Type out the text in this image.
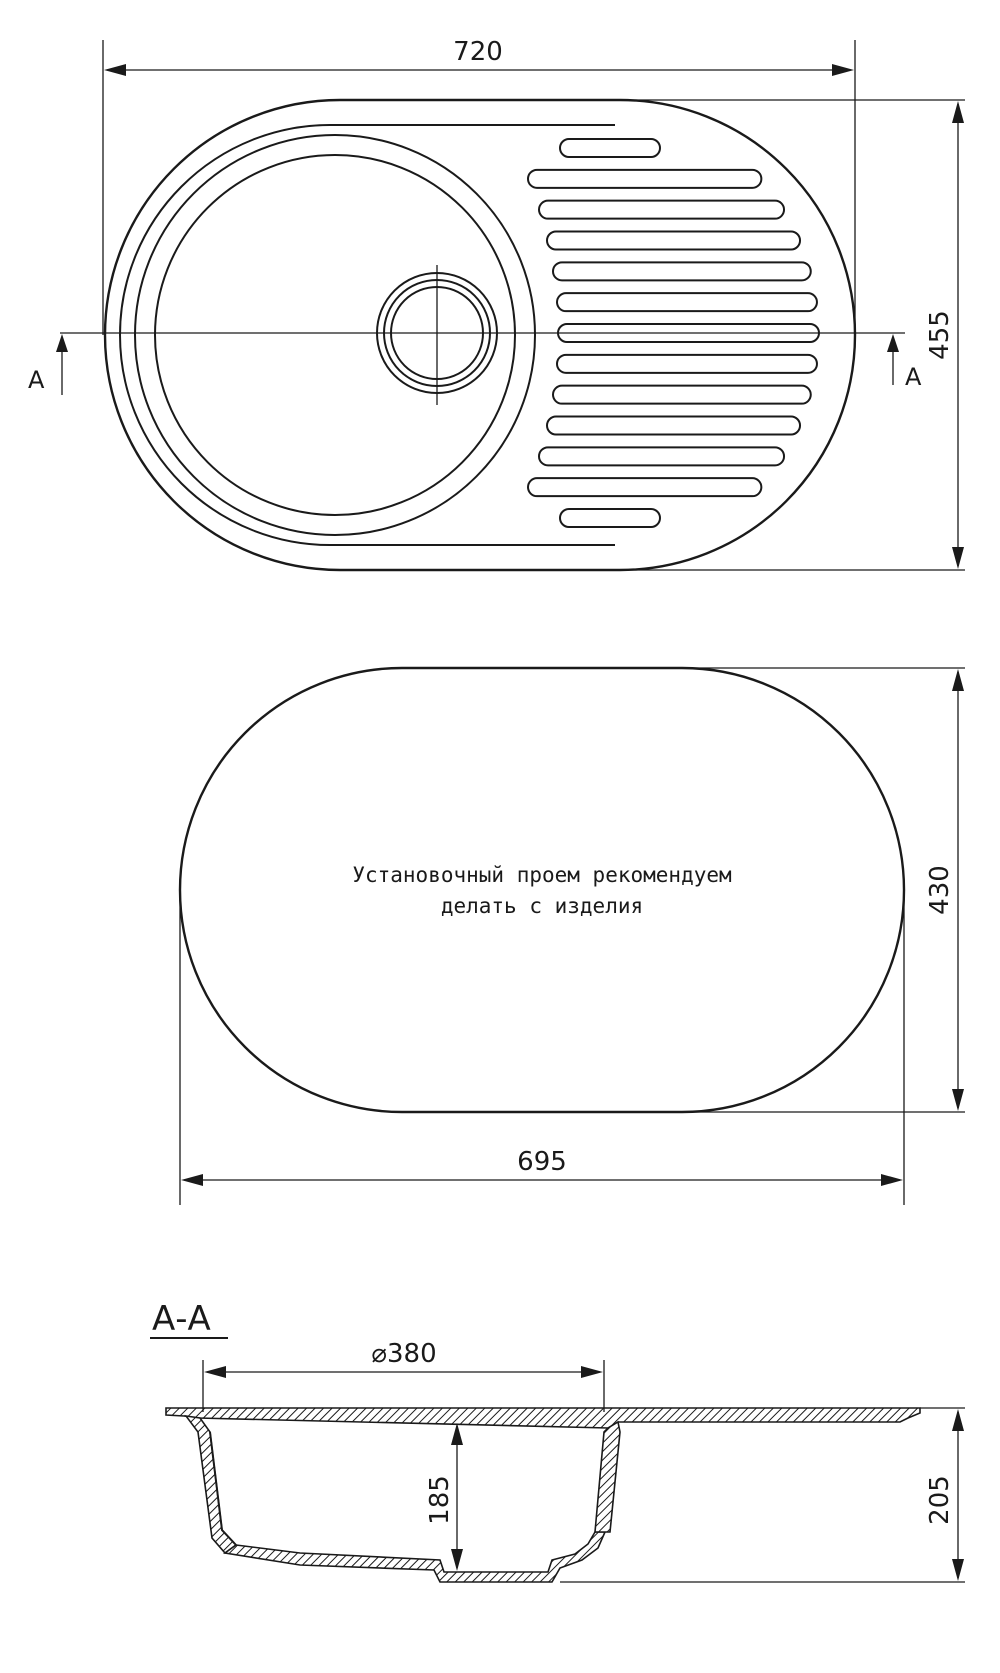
A	A
720
455
Установочный проем рекомендуем
делать с изделия
695
430
А-А
⌀380
185	205
